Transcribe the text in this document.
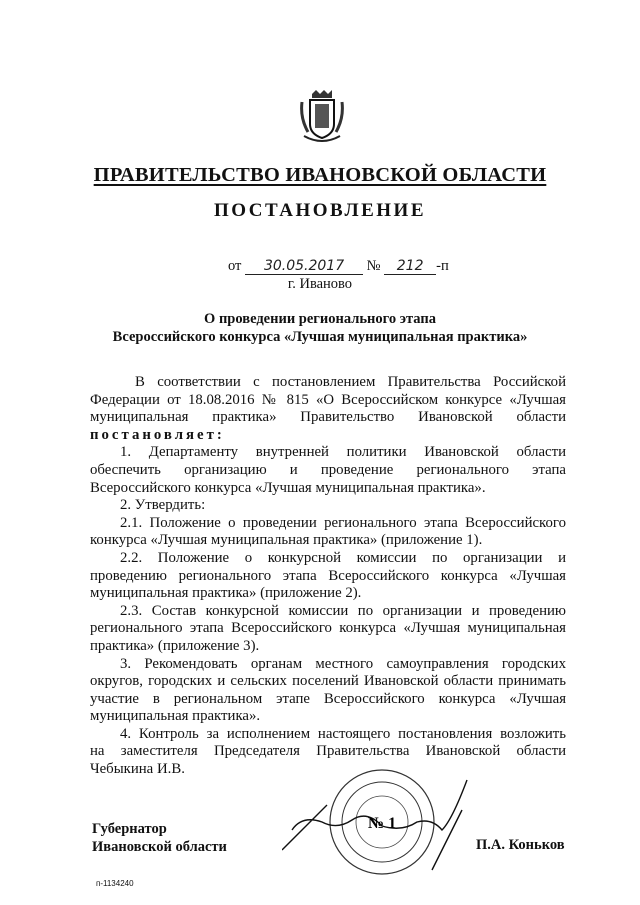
ПРАВИТЕЛЬСТВО ИВАНОВСКОЙ ОБЛАСТИ
ПОСТАНОВЛЕНИЕ
от 30.05.2017 № 212 -п
г. Иваново
О проведении регионального этапа
Всероссийского конкурса «Лучшая муниципальная практика»
В соответствии с постановлением Правительства Российской
Федерации от 18.08.2016 № 815 «О Всероссийском конкурсе «Лучшая
муниципальная практика» Правительство Ивановской области
постановляет:
1. Департаменту внутренней политики Ивановской области
обеспечить организацию и проведение регионального этапа
Всероссийского конкурса «Лучшая муниципальная практика».
2. Утвердить:
2.1. Положение о проведении регионального этапа Всероссийского
конкурса «Лучшая муниципальная практика» (приложение 1).
2.2. Положение о конкурсной комиссии по организации и
проведению регионального этапа Всероссийского конкурса «Лучшая
муниципальная практика» (приложение 2).
2.3. Состав конкурсной комиссии по организации и проведению
регионального этапа Всероссийского конкурса «Лучшая муниципальная
практика» (приложение 3).
3. Рекомендовать органам местного самоуправления городских
округов, городских и сельских поселений Ивановской области принимать
участие в региональном этапе Всероссийского конкурса «Лучшая
муниципальная практика».
4. Контроль за исполнением настоящего постановления возложить
на заместителя Председателя Правительства Ивановской области
Чебыкина И.В.
№ 1
Губернатор
Ивановской области	П.А. Коньков
п-1134240
